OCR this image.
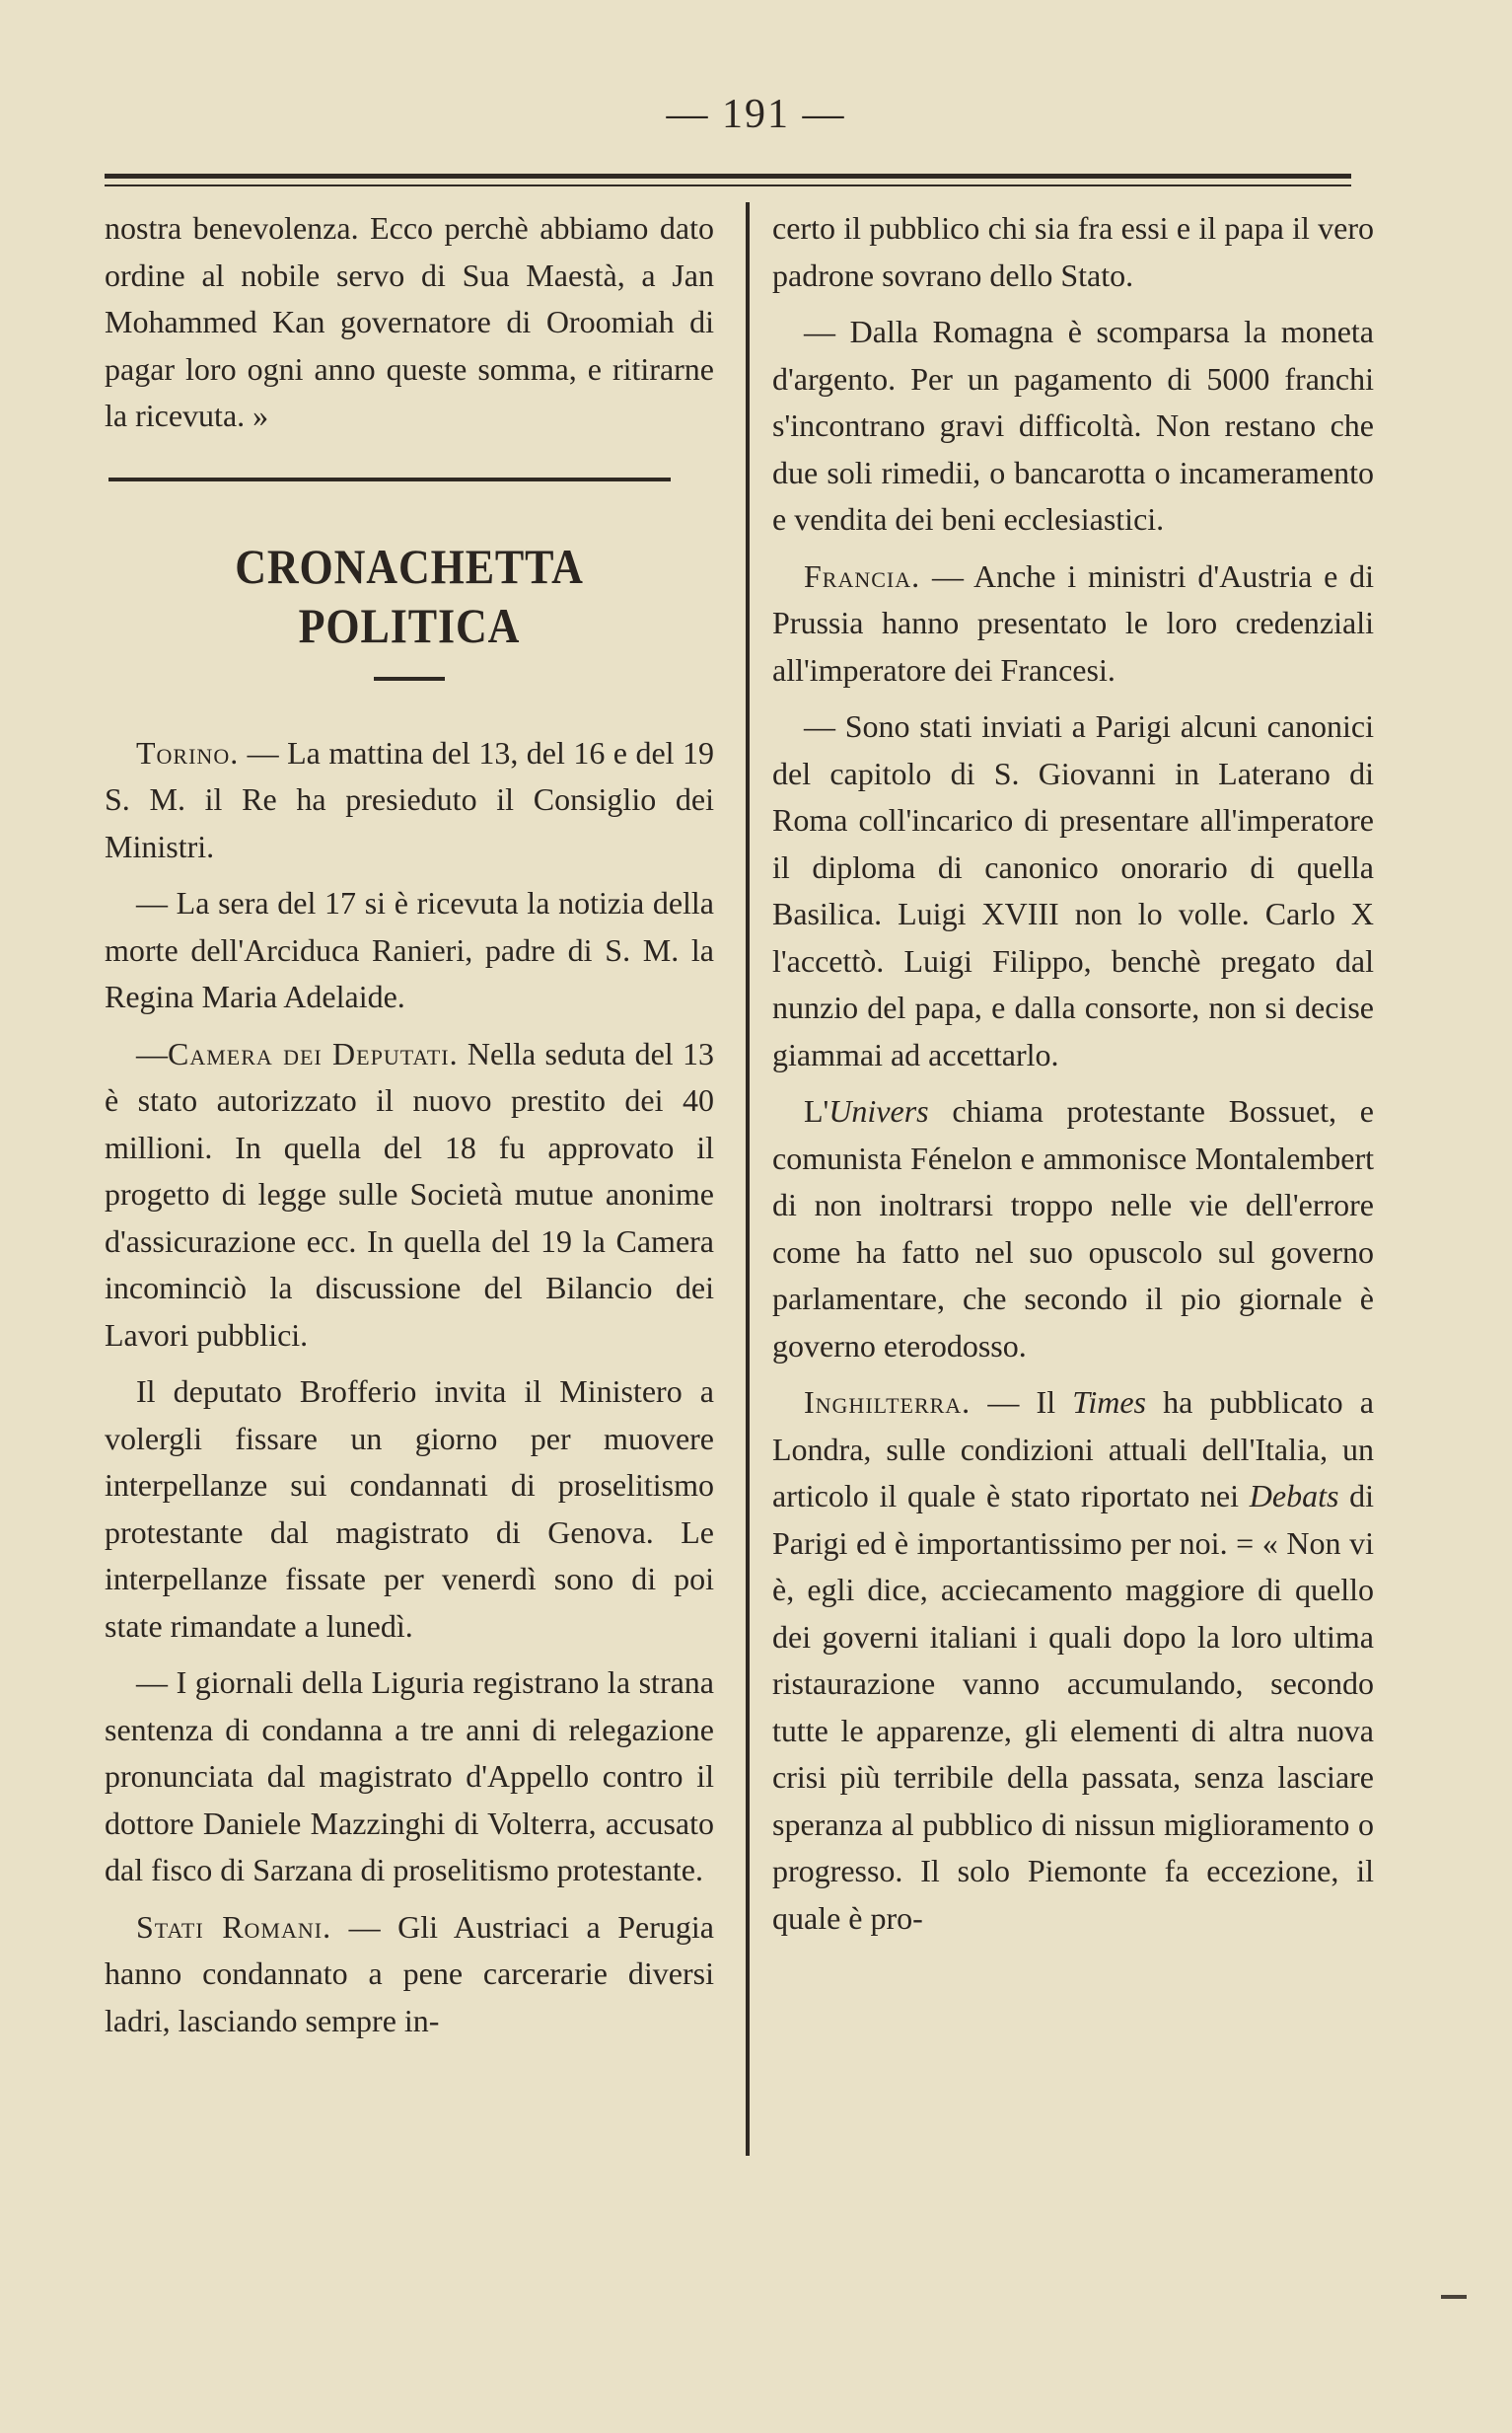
— 191 —

nostra benevolenza. Ecco perchè abbiamo dato ordine al nobile servo di Sua Maestà, a Jan Mohammed Kan governatore di Oroomiah di pagar loro ogni anno queste somma, e ritirarne la ricevuta. »

CRONACHETTA POLITICA

Torino. — La mattina del 13, del 16 e del 19 S. M. il Re ha presieduto il Consiglio dei Ministri.

— La sera del 17 si è ricevuta la notizia della morte dell'Arciduca Ranieri, padre di S. M. la Regina Maria Adelaide.

—Camera dei Deputati. Nella seduta del 13 è stato autorizzato il nuovo prestito dei 40 millioni. In quella del 18 fu approvato il progetto di legge sulle Società mutue anonime d'assicurazione ecc. In quella del 19 la Camera incominciò la discussione del Bilancio dei Lavori pubblici.

Il deputato Brofferio invita il Ministero a volergli fissare un giorno per muovere interpellanze sui condannati di proselitismo protestante dal magistrato di Genova. Le interpellanze fissate per venerdì sono di poi state rimandate a lunedì.

— I giornali della Liguria registrano la strana sentenza di condanna a tre anni di relegazione pronunciata dal magistrato d'Appello contro il dottore Daniele Mazzinghi di Volterra, accusato dal fisco di Sarzana di proselitismo protestante.

Stati Romani. — Gli Austriaci a Perugia hanno condannato a pene carcerarie diversi ladri, lasciando sempre in-

certo il pubblico chi sia fra essi e il papa il vero padrone sovrano dello Stato.

— Dalla Romagna è scomparsa la moneta d'argento. Per un pagamento di 5000 franchi s'incontrano gravi difficoltà. Non restano che due soli rimedii, o bancarotta o incameramento e vendita dei beni ecclesiastici.

Francia. — Anche i ministri d'Austria e di Prussia hanno presentato le loro credenziali all'imperatore dei Francesi.

— Sono stati inviati a Parigi alcuni canonici del capitolo di S. Giovanni in Laterano di Roma coll'incarico di presentare all'imperatore il diploma di canonico onorario di quella Basilica. Luigi XVIII non lo volle. Carlo X l'accettò. Luigi Filippo, benchè pregato dal nunzio del papa, e dalla consorte, non si decise giammai ad accettarlo.

L'Univers chiama protestante Bossuet, e comunista Fénelon e ammonisce Montalembert di non inoltrarsi troppo nelle vie dell'errore come ha fatto nel suo opuscolo sul governo parlamentare, che secondo il pio giornale è governo eterodosso.

Inghilterra. — Il Times ha pubblicato a Londra, sulle condizioni attuali dell'Italia, un articolo il quale è stato riportato nei Debats di Parigi ed è importantissimo per noi. = « Non vi è, egli dice, acciecamento maggiore di quello dei governi italiani i quali dopo la loro ultima ristaurazione vanno accumulando, secondo tutte le apparenze, gli elementi di altra nuova crisi più terribile della passata, senza lasciare speranza al pubblico di nissun miglioramento o progresso. Il solo Piemonte fa eccezione, il quale è pro-
